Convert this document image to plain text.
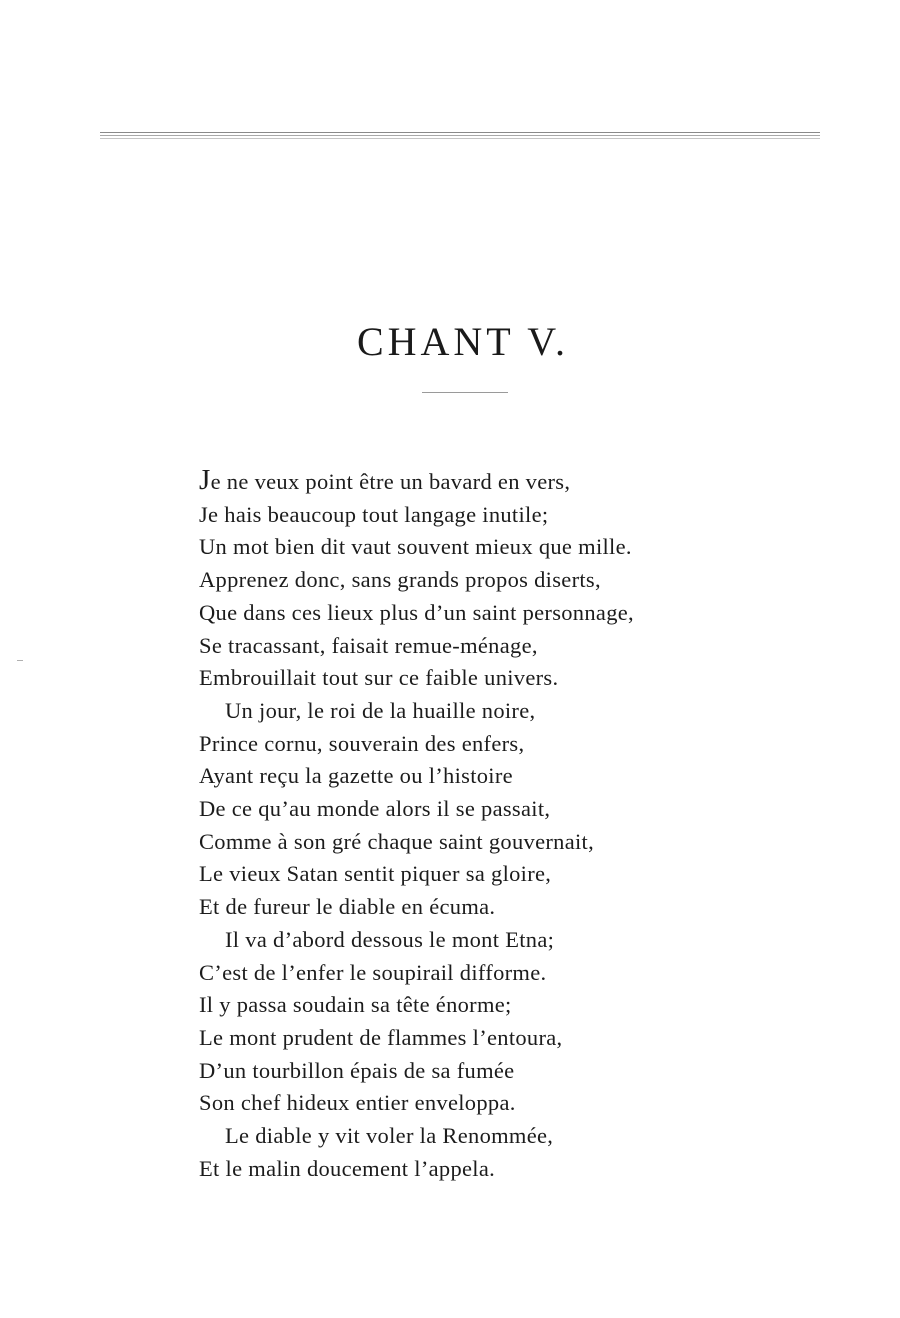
CHANT V.
Je ne veux point être un bavard en vers,
Je hais beaucoup tout langage inutile;
Un mot bien dit vaut souvent mieux que mille.
Apprenez donc, sans grands propos diserts,
Que dans ces lieux plus d’un saint personnage,
Se tracassant, faisait remue-ménage,
Embrouillait tout sur ce faible univers.
Un jour, le roi de la huaille noire,
Prince cornu, souverain des enfers,
Ayant reçu la gazette ou l’histoire
De ce qu’au monde alors il se passait,
Comme à son gré chaque saint gouvernait,
Le vieux Satan sentit piquer sa gloire,
Et de fureur le diable en écuma.
Il va d’abord dessous le mont Etna;
C’est de l’enfer le soupirail difforme.
Il y passa soudain sa tête énorme;
Le mont prudent de flammes l’entoura,
D’un tourbillon épais de sa fumée
Son chef hideux entier enveloppa.
Le diable y vit voler la Renommée,
Et le malin doucement l’appela.
